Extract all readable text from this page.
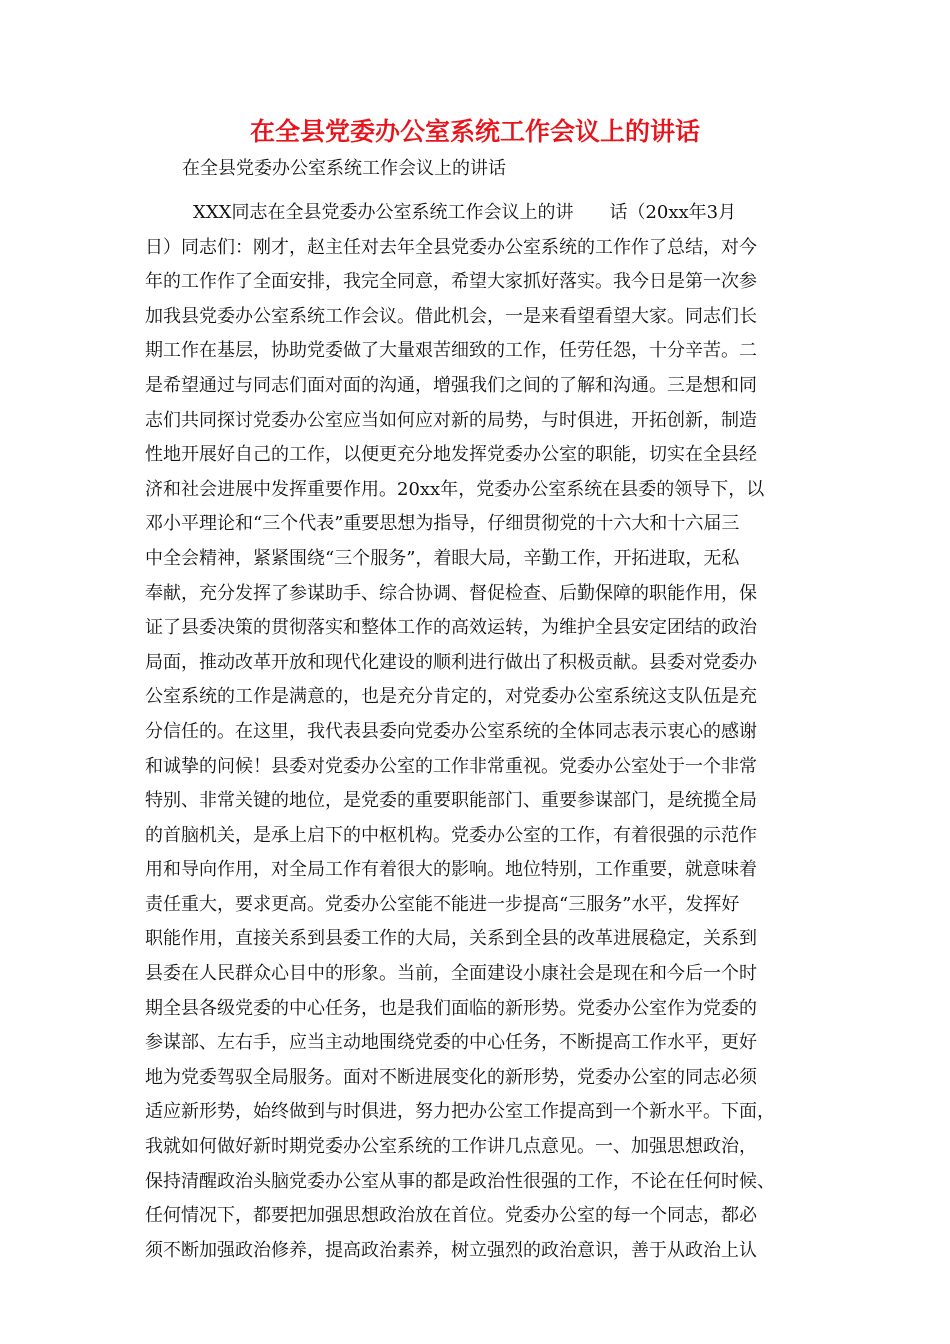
在全县党委办公室系统工作会议上的讲话

在全县党委办公室系统工作会议上的讲话

XXX同志在全县党委办公室系统工作会议上的讲　　话（20xx年3月
日）同志们：刚才，赵主任对去年全县党委办公室系统的工作作了总结，对今
年的工作作了全面安排，我完全同意，希望大家抓好落实。我今日是第一次参
加我县党委办公室系统工作会议。借此机会，一是来看望看望大家。同志们长
期工作在基层，协助党委做了大量艰苦细致的工作，任劳任怨，十分辛苦。二
是希望通过与同志们面对面的沟通，增强我们之间的了解和沟通。三是想和同
志们共同探讨党委办公室应当如何应对新的局势，与时俱进，开拓创新，制造
性地开展好自己的工作，以便更充分地发挥党委办公室的职能，切实在全县经
济和社会进展中发挥重要作用。20xx年，党委办公室系统在县委的领导下，以
邓小平理论和“三个代表”重要思想为指导，仔细贯彻党的十六大和十六届三
中全会精神，紧紧围绕“三个服务”，着眼大局，辛勤工作，开拓进取，无私
奉献，充分发挥了参谋助手、综合协调、督促检查、后勤保障的职能作用，保
证了县委决策的贯彻落实和整体工作的高效运转，为维护全县安定团结的政治
局面，推动改革开放和现代化建设的顺利进行做出了积极贡献。县委对党委办
公室系统的工作是满意的，也是充分肯定的，对党委办公室系统这支队伍是充
分信任的。在这里，我代表县委向党委办公室系统的全体同志表示衷心的感谢
和诚挚的问候！县委对党委办公室的工作非常重视。党委办公室处于一个非常
特别、非常关键的地位，是党委的重要职能部门、重要参谋部门，是统揽全局
的首脑机关，是承上启下的中枢机构。党委办公室的工作，有着很强的示范作
用和导向作用，对全局工作有着很大的影响。地位特别，工作重要，就意味着
责任重大，要求更高。党委办公室能不能进一步提高“三服务”水平，发挥好
职能作用，直接关系到县委工作的大局，关系到全县的改革进展稳定，关系到
县委在人民群众心目中的形象。当前，全面建设小康社会是现在和今后一个时
期全县各级党委的中心任务，也是我们面临的新形势。党委办公室作为党委的
参谋部、左右手，应当主动地围绕党委的中心任务，不断提高工作水平，更好
地为党委驾驭全局服务。面对不断进展变化的新形势，党委办公室的同志必须
适应新形势，始终做到与时俱进，努力把办公室工作提高到一个新水平。下面，
我就如何做好新时期党委办公室系统的工作讲几点意见。一、加强思想政治，
保持清醒政治头脑党委办公室从事的都是政治性很强的工作，不论在任何时候、
任何情况下，都要把加强思想政治放在首位。党委办公室的每一个同志，都必
须不断加强政治修养，提高政治素养，树立强烈的政治意识，善于从政治上认
